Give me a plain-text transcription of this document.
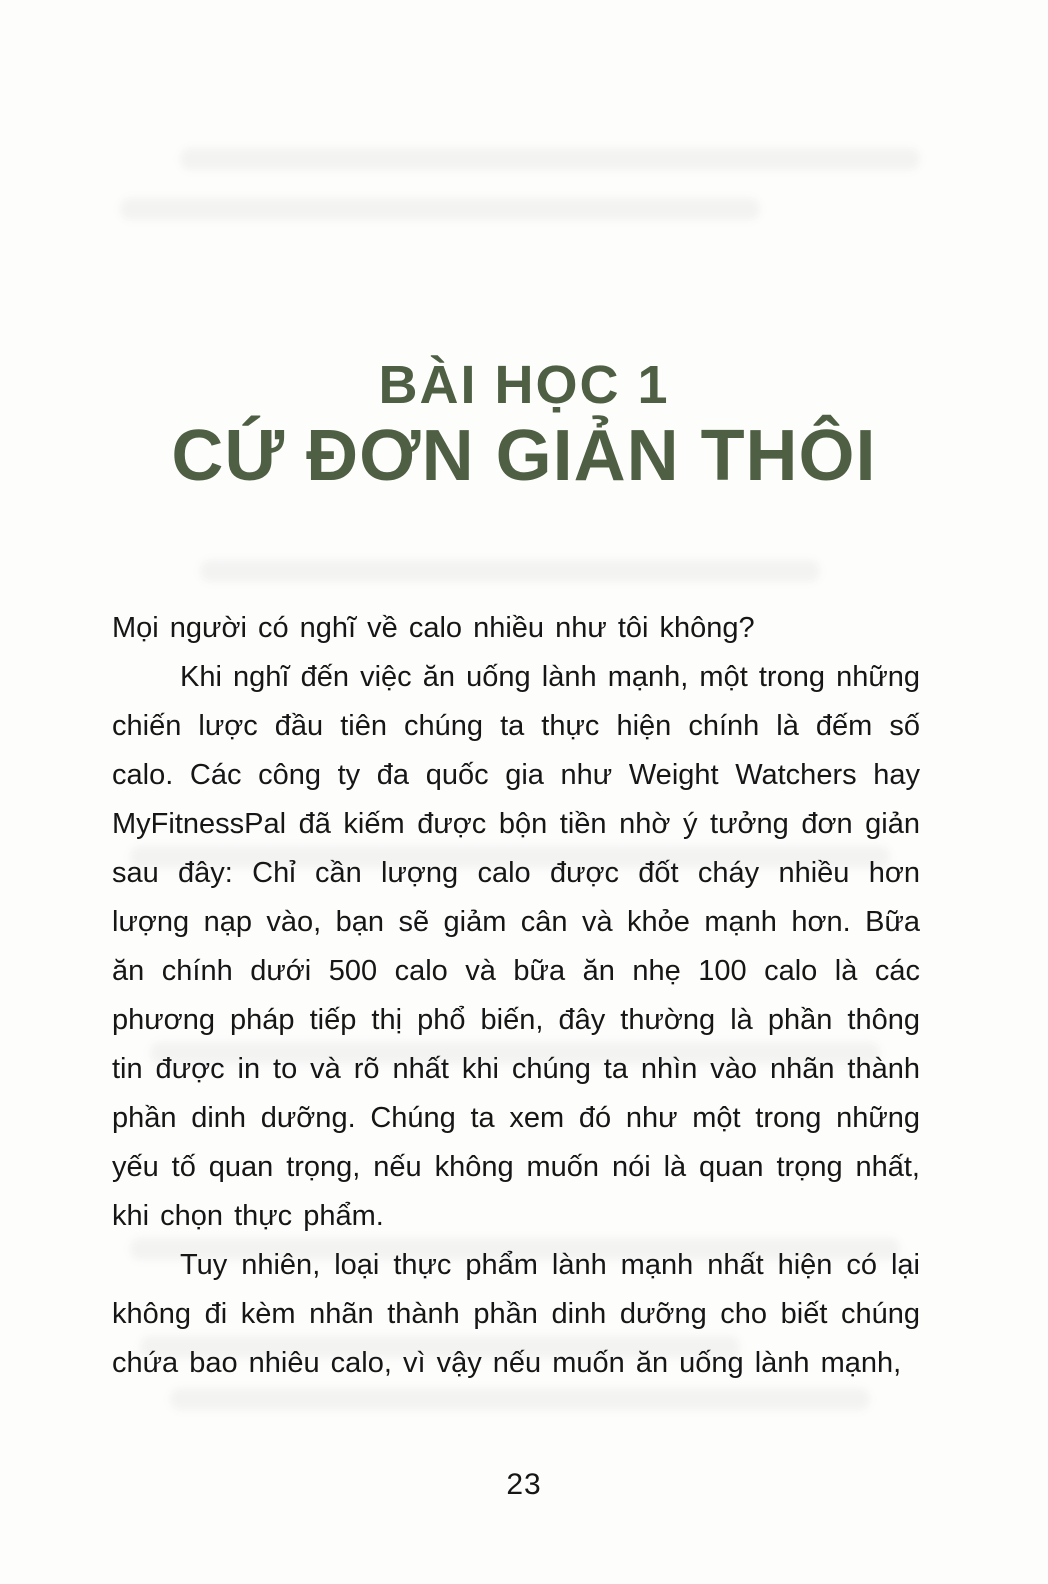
BÀI HỌC 1
CỨ ĐƠN GIẢN THÔI

Mọi người có nghĩ về calo nhiều như tôi không?

Khi nghĩ đến việc ăn uống lành mạnh, một trong những chiến lược đầu tiên chúng ta thực hiện chính là đếm số calo. Các công ty đa quốc gia như Weight Watchers hay MyFitnessPal đã kiếm được bộn tiền nhờ ý tưởng đơn giản sau đây: Chỉ cần lượng calo được đốt cháy nhiều hơn lượng nạp vào, bạn sẽ giảm cân và khỏe mạnh hơn. Bữa ăn chính dưới 500 calo và bữa ăn nhẹ 100 calo là các phương pháp tiếp thị phổ biến, đây thường là phần thông tin được in to và rõ nhất khi chúng ta nhìn vào nhãn thành phần dinh dưỡng. Chúng ta xem đó như một trong những yếu tố quan trọng, nếu không muốn nói là quan trọng nhất, khi chọn thực phẩm.

Tuy nhiên, loại thực phẩm lành mạnh nhất hiện có lại không đi kèm nhãn thành phần dinh dưỡng cho biết chúng chứa bao nhiêu calo, vì vậy nếu muốn ăn uống lành mạnh,

23
